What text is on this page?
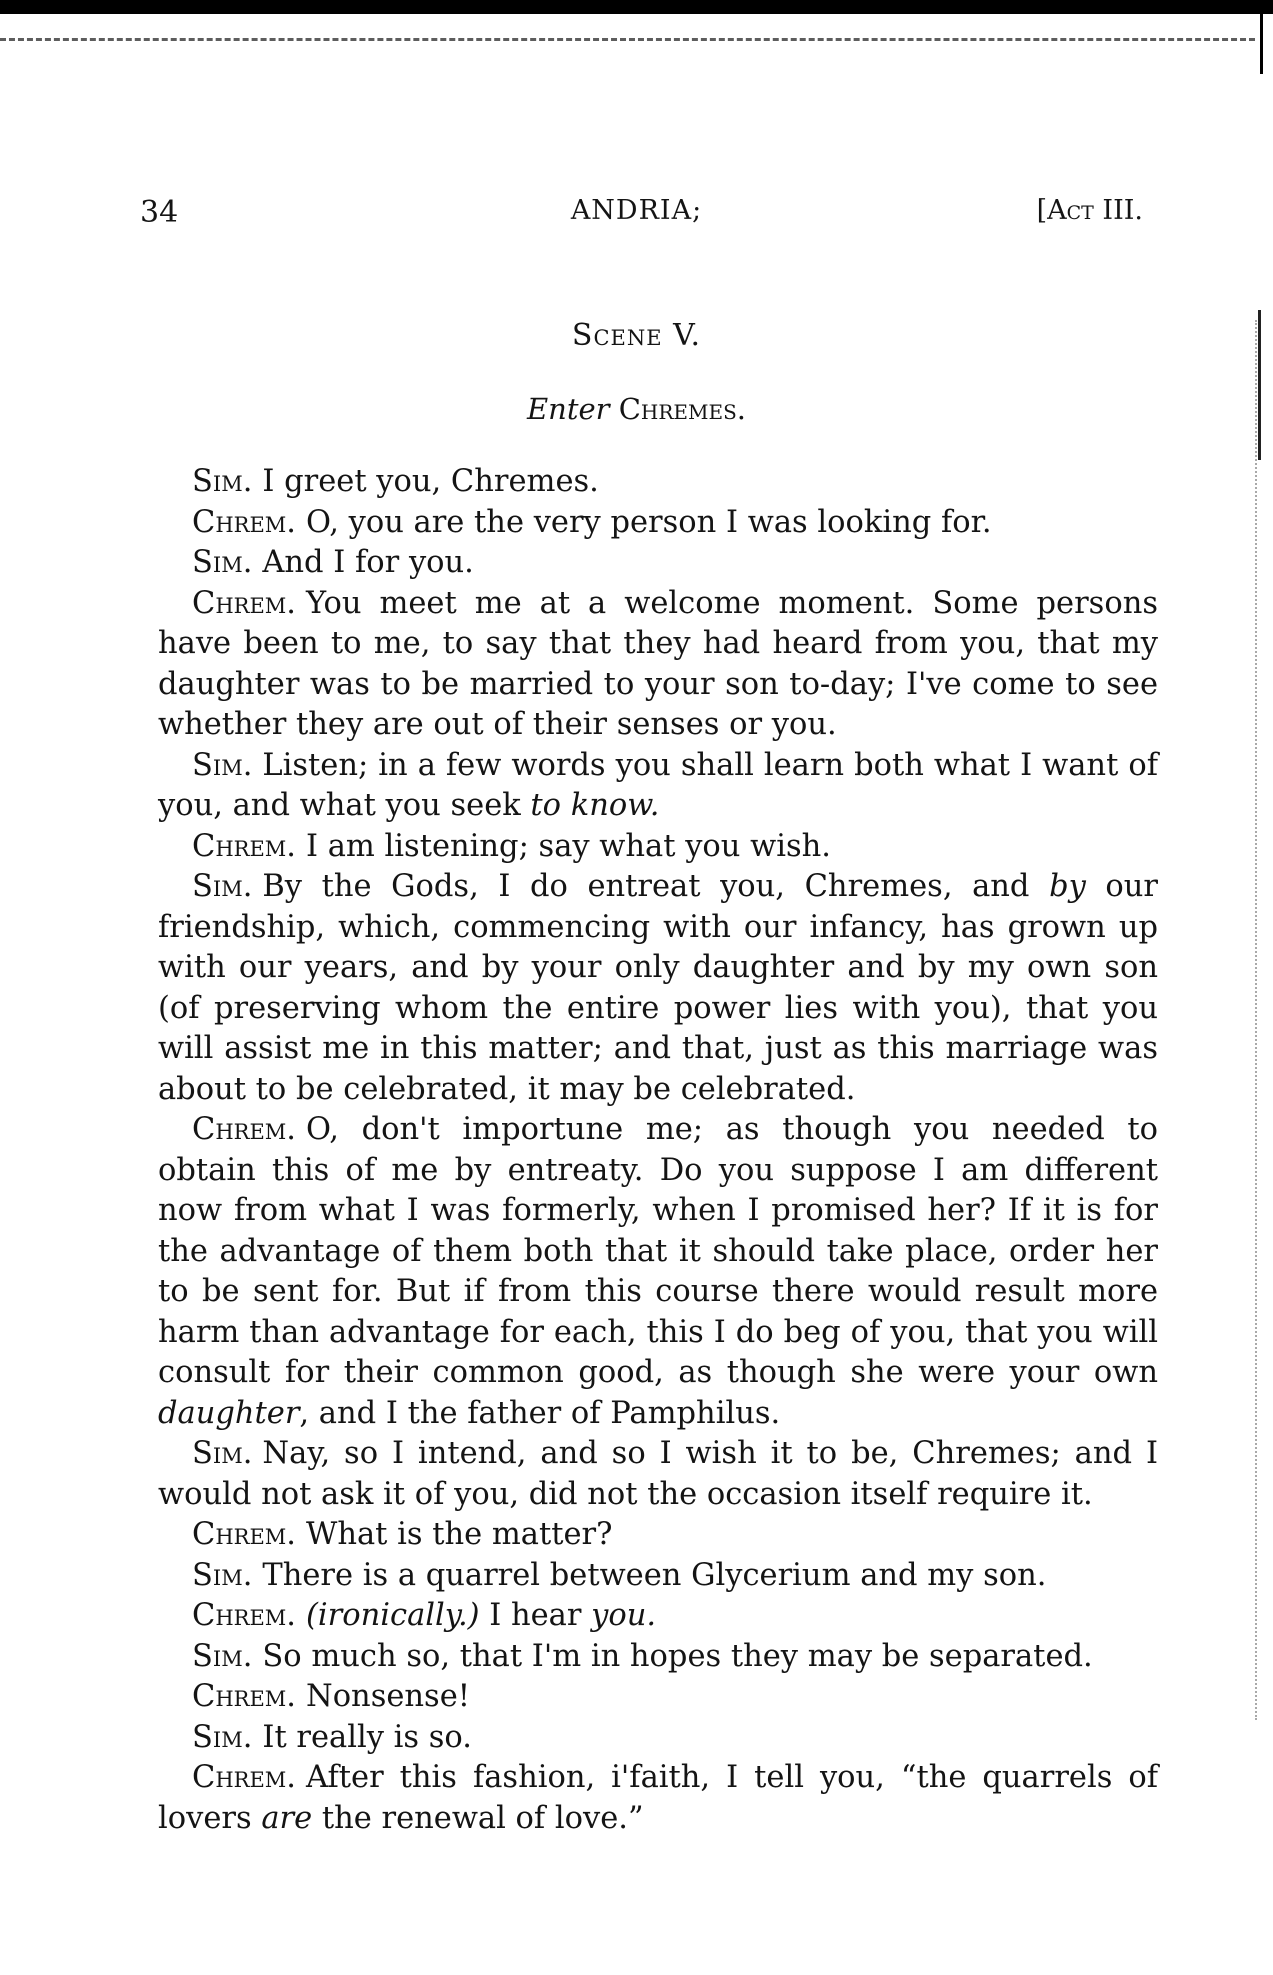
34	ANDRIA;	[Act III.
Scene V.
Enter Chremes.

Sim. I greet you, Chremes.

Chrem. O, you are the very person I was looking for.

Sim. And I for you.

Chrem. You meet me at a welcome moment. Some persons have been to me, to say that they had heard from you, that my daughter was to be married to your son to-day; I've come to see whether they are out of their senses or you.

Sim. Listen; in a few words you shall learn both what I want of you, and what you seek to know.

Chrem. I am listening; say what you wish.

Sim. By the Gods, I do entreat you, Chremes, and by our friendship, which, commencing with our infancy, has grown up with our years, and by your only daughter and by my own son (of preserving whom the entire power lies with you), that you will assist me in this matter; and that, just as this marriage was about to be celebrated, it may be celebrated.

Chrem. O, don't importune me; as though you needed to obtain this of me by entreaty. Do you suppose I am different now from what I was formerly, when I promised her? If it is for the advantage of them both that it should take place, order her to be sent for. But if from this course there would result more harm than advantage for each, this I do beg of you, that you will consult for their common good, as though she were your own daughter, and I the father of Pamphilus.

Sim. Nay, so I intend, and so I wish it to be, Chremes; and I would not ask it of you, did not the occasion itself require it.

Chrem. What is the matter?

Sim. There is a quarrel between Glycerium and my son.

Chrem. (ironically.) I hear you.

Sim. So much so, that I'm in hopes they may be separated.

Chrem. Nonsense!

Sim. It really is so.

Chrem. After this fashion, i'faith, I tell you, “the quarrels of lovers are the renewal of love.”
